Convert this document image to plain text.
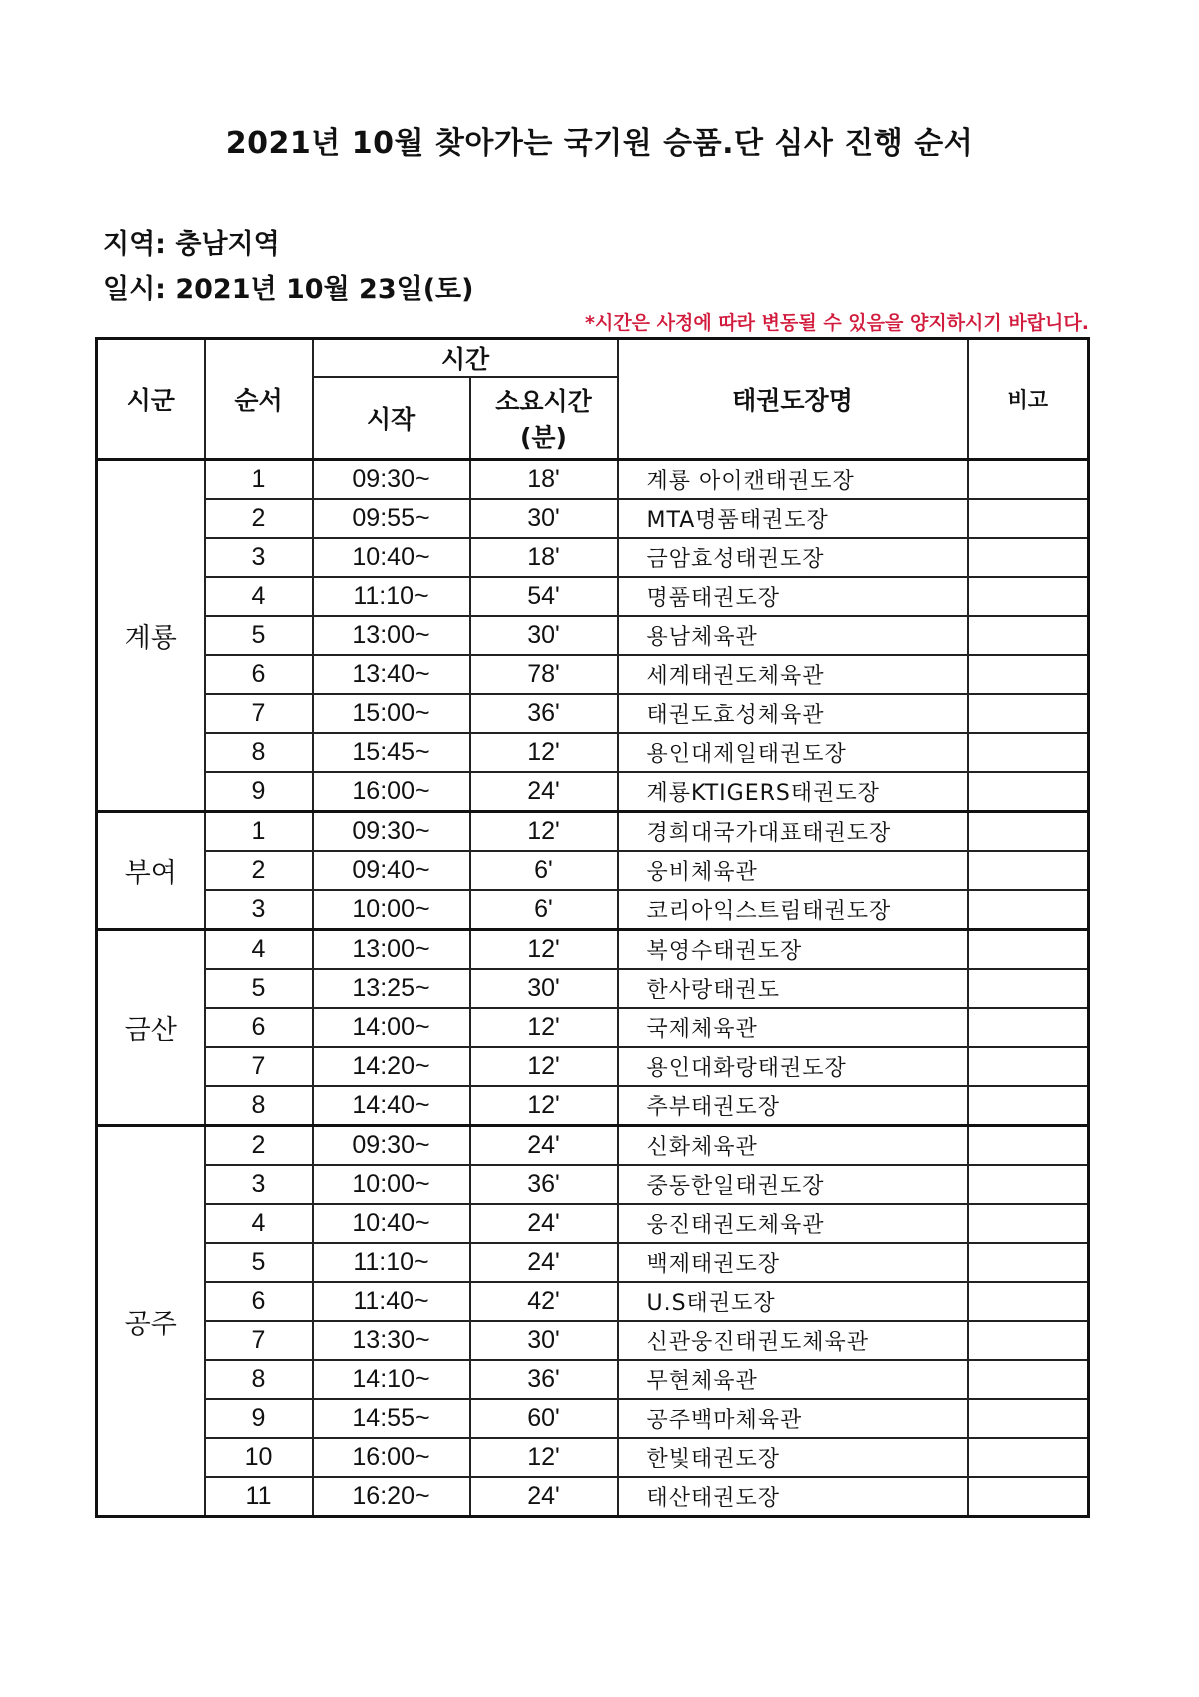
2021년 10월 찾아가는 국기원 승품.단 심사 진행 순서
지역: 충남지역
일시: 2021년 10월 23일(토)
*시간은 사정에 따라 변동될 수 있음을 양지하시기 바랍니다.
시군	순서	시간		태권도장명	비고
		시작	소요시간
(분)		

계룡	1	09:30~	18'	계룡 아이캔태권도장	
	2	09:55~	30'	MTA명품태권도장	
	3	10:40~	18'	금암효성태권도장	
	4	11:10~	54'	명품태권도장	
	5	13:00~	30'	용남체육관	
	6	13:40~	78'	세계태권도체육관	
	7	15:00~	36'	태권도효성체육관	
	8	15:45~	12'	용인대제일태권도장	
	9	16:00~	24'	계룡KTIGERS태권도장	
부여	1	09:30~	12'	경희대국가대표태권도장	
	2	09:40~	6'	웅비체육관	
	3	10:00~	6'	코리아익스트림태권도장	
금산	4	13:00~	12'	복영수태권도장	
	5	13:25~	30'	한사랑태권도	
	6	14:00~	12'	국제체육관	
	7	14:20~	12'	용인대화랑태권도장	
	8	14:40~	12'	추부태권도장	
공주	2	09:30~	24'	신화체육관	
	3	10:00~	36'	중동한일태권도장	
	4	10:40~	24'	웅진태권도체육관	
	5	11:10~	24'	백제태권도장	
	6	11:40~	42'	U.S태권도장	
	7	13:30~	30'	신관웅진태권도체육관	
	8	14:10~	36'	무현체육관	
	9	14:55~	60'	공주백마체육관	
	10	16:00~	12'	한빛태권도장	
	11	16:20~	24'	태산태권도장	
